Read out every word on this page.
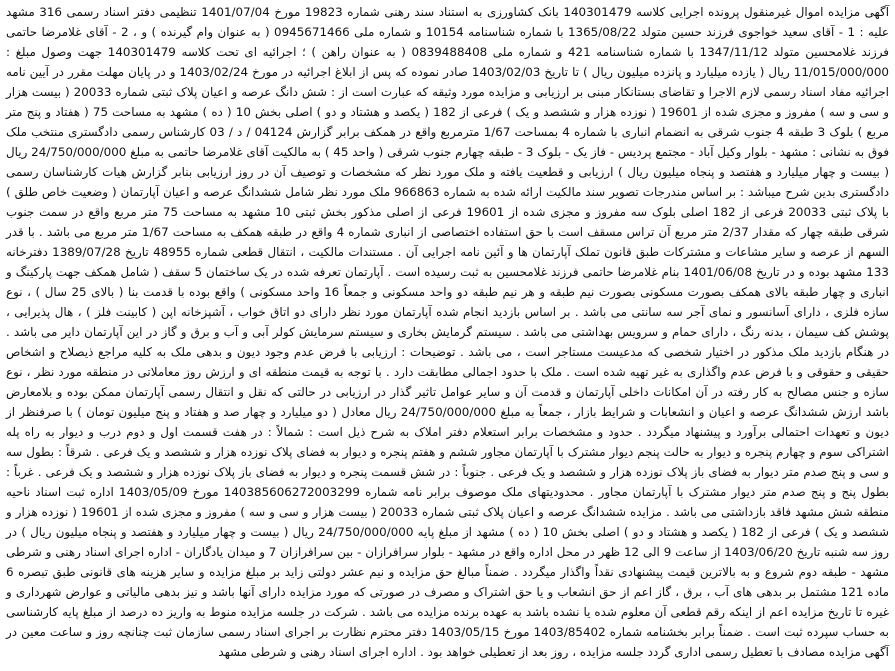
آگهی مزایده اموال غیرمنقول پرونده اجرایی کلاسه 140301479 بانک کشاورزی به استناد سند رهنی شماره 19823 مورخ 1401/07/04 تنظیمی دفتر اسناد رسمی 316 مشهد علیه : 1 - آقای سعید خواجوی فرزند حسین متولد 1365/08/22 با شماره شناسنامه 10154 و شماره ملی 0945671466 ( به عنوان وام گیرنده ) و ، 2 - آقای غلامرضا حاتمی فرزند غلامحسین متولد 1347/11/12 با شماره شناسنامه 421 و شماره ملی 0839488408 ( به عنوان راهن ) ؛ اجرائیه ای تحت کلاسه 140301479 جهت وصول مبلغ : 11/015/000/000 ریال ( یازده میلیارد و پانزده میلیون ریال ) تا تاریخ 1403/02/03 صادر نموده که پس از ابلاغ اجرائیه در مورخ 1403/02/24 و در پایان مهلت مقرر در آیین نامه اجرائیه مفاد اسناد رسمی لازم الاجرا و تقاضای بستانکار مبنی بر ارزیابی و مزایده مورد وثیقه که عبارت است از : شش دانگ عرصه و اعیان پلاک ثبتی شماره 20033 ( بیست هزار و سی و سه ) مفروز و مجزی شده از 19601 ( نوزده هزار و ششصد و یک ) فرعی از 182 ( یکصد و هشتاد و دو ) اصلی بخش 10 ( ده ) مشهد به مساحت 75 ( هفتاد و پنج متر مربع ) بلوک 3 طبقه 4 جنوب شرقی به انضمام انباری با شماره 4 بمساحت 1/67 مترمربع واقع در همکف برابر گزارش 04124 / د / 03 کارشناس رسمی دادگستری منتخب ملک فوق به نشانی : مشهد - بلوار وکیل آباد - مجتمع پردیس - فاز یک - بلوک 3 - طبقه چهارم جنوب شرقی ( واحد 45 ) به مالکیت آقای غلامرضا حاتمی به مبلغ 24/750/000/000 ریال ( بیست و چهار میلیارد و هفتصد و پنجاه میلیون ریال ) ارزیابی و قطعیت یافته و ملک مورد نظر که مشخصات و توصیف آن در روز ارزیابی بنابر گزارش هیات کارشناسان رسمی دادگستری بدین شرح میباشد : بر اساس مندرجات تصویر سند مالکیت ارائه شده به شماره 966863 ملک مورد نظر شامل ششدانگ عرصه و اعیان آپارتمان ( وضعیت خاص طلق ) با پلاک ثبتی 20033 فرعی از 182 اصلی بلوک سه مفروز و مجزی شده از 19601 فرعی از اصلی مذکور بخش ثبتی 10 مشهد به مساحت 75 متر مربع واقع در سمت جنوب شرقی طبقه چهار که مقدار 2/37 متر مربع آن تراس مسقف است با حق استفاده اختصاصی از انباری شماره 4 واقع در طبقه همکف به مساحت 1/67 متر مربع می باشد . با قدر السهم از عرصه و سایر مشاعات و مشترکات طبق قانون تملک آپارتمان ها و آئین نامه اجرایی آن . مستندات مالکیت ، انتقال قطعی شماره 48955 تاریخ 1389/07/28 دفترخانه 133 مشهد بوده و در تاریخ 1401/06/08 بنام غلامرضا حاتمی فرزند غلامحسین به ثبت رسیده است . آپارتمان تعرفه شده در یک ساختمان 5 سقف ( شامل همکف جهت پارکینگ و انباری و چهار طبقه بالای همکف بصورت مسکونی بصورت نیم طبقه و هر نیم طبقه دو واحد مسکونی و جمعاً 16 واحد مسکونی ) واقع بوده با قدمت بنا ( بالای 25 سال ) ، نوع سازه فلزی ، دارای آسانسور و نمای آجر سه سانتی می باشد . بر اساس بازدید انجام شده آپارتمان مورد نظر دارای دو اتاق خواب ، آشپزخانه اپن ( کابینت فلز ) ، هال پذیرایی ، پوشش کف سیمان ، بدنه رنگ ، دارای حمام و سرویس بهداشتی می باشد . سیستم گرمایش بخاری و سیستم سرمایش کولر آبی و آب و برق و گاز در این آپارتمان دایر می باشد . در هنگام بازدید ملک مذکور در اختیار شخصی که مدعیست مستاجر است ، می باشد . توضیحات : ارزیابی با فرض عدم وجود دیون و بدهی ملک به کلیه مراجع ذیصلاح و اشخاص حقیقی و حقوقی و با فرض عدم واگذاری به غیر تهیه شده است . ملک با حدود اجمالی مطابقت دارد . با توجه به قیمت منطقه ای و ارزش روز معاملاتی در منطقه مورد نظر ، نوع سازه و جنس مصالح به کار رفته در آن امکانات داخلی آپارتمان و قدمت آن و سایر عوامل تاثیر گذار در ارزیابی در حالتی که نقل و انتقال رسمی آپارتمان ممکن بوده و بلامعارض باشد ارزش ششدانگ عرصه و اعیان و انشعابات و شرایط بازار ، جمعاً به مبلغ 24/750/000/000 ریال معادل ( دو میلیارد و چهار صد و هفتاد و پنج میلیون تومان ) با صرفنظر از دیون و تعهدات احتمالی برآورد و پیشنهاد میگردد . حدود و مشخصات برابر استعلام دفتر املاک به شرح ذیل است : شمالاً : در هفت قسمت اول و دوم درب و دیوار به راه پله اشتراکی سوم و چهارم پنجره و دیوار به حالت پنجم دیوار مشترک با آپارتمان مجاور ششم و هفتم پنجره و دیوار به فضای پلاک نوزده هزار و ششصد و یک فرعی . شرقاً : بطول سه و سی و پنج صدم متر دیوار به فضای باز پلاک نوزده هزار و ششصد و یک فرعی . جنوباً : در شش قسمت پنجره و دیوار به فضای باز پلاک نوزده هزار و ششصد و یک فرعی . غرباً : بطول پنج و پنج صدم متر دیوار مشترک با آپارتمان مجاور . محدودیتهای ملک موصوف برابر نامه شماره 140385606272003299 مورخ 1403/05/09 اداره ثبت اسناد ناحیه منطقه شش مشهد فاقد بازداشتی می باشد . مزایده ششدانگ عرصه و اعیان پلاک ثبتی شماره 20033 ( بیست هزار و سی و سه ) مفروز و مجزی شده از 19601 ( نوزده هزار و ششصد و یک ) فرعی از 182 ( یکصد و هشتاد و دو ) اصلی بخش 10 ( ده ) مشهد از مبلغ پایه 24/750/000/000 ریال ( بیست و چهار میلیارد و هفتصد و پنجاه میلیون ریال ) در روز سه شنبه تاریخ 1403/06/20 از ساعت 9 الی 12 ظهر در محل اداره واقع در مشهد - بلوار سرافرازان - بین سرافرازان 7 و میدان یادگاران - اداره اجرای اسناد رهنی و شرطی مشهد - طبقه دوم شروع و به بالاترین قیمت پیشنهادی نقداً واگذار میگردد . ضمناً مبالغ حق مزایده و نیم عشر دولتی زاید بر مبلغ مزایده و سایر هزینه های قانونی طبق تبصره 6 ماده 121 مشتمل بر بدهی های آب ، برق ، گاز اعم از حق انشعاب و یا حق اشتراک و مصرف در صورتی که مورد مزایده دارای آنها باشد و نیز بدهی مالیاتی و عوارض شهرداری و غیره تا تاریخ مزایده اعم از اینکه رقم قطعی آن معلوم شده یا نشده باشد به عهده برنده مزایده می باشد . شرکت در جلسه مزایده منوط به واریز ده درصد از مبلغ پایه کارشناسی به حساب سپرده ثبت است . ضمناً برابر بخشنامه شماره 1403/85402 مورخ 1403/05/15 دفتر محترم نظارت بر اجرای اسناد رسمی سازمان ثبت چنانچه روز و ساعت معین در آگهی مزایده مصادف با تعطیل رسمی اداری گردد جلسه مزایده ، روز بعد از تعطیلی خواهد بود . اداره اجرای اسناد رهنی و شرطی مشهد
